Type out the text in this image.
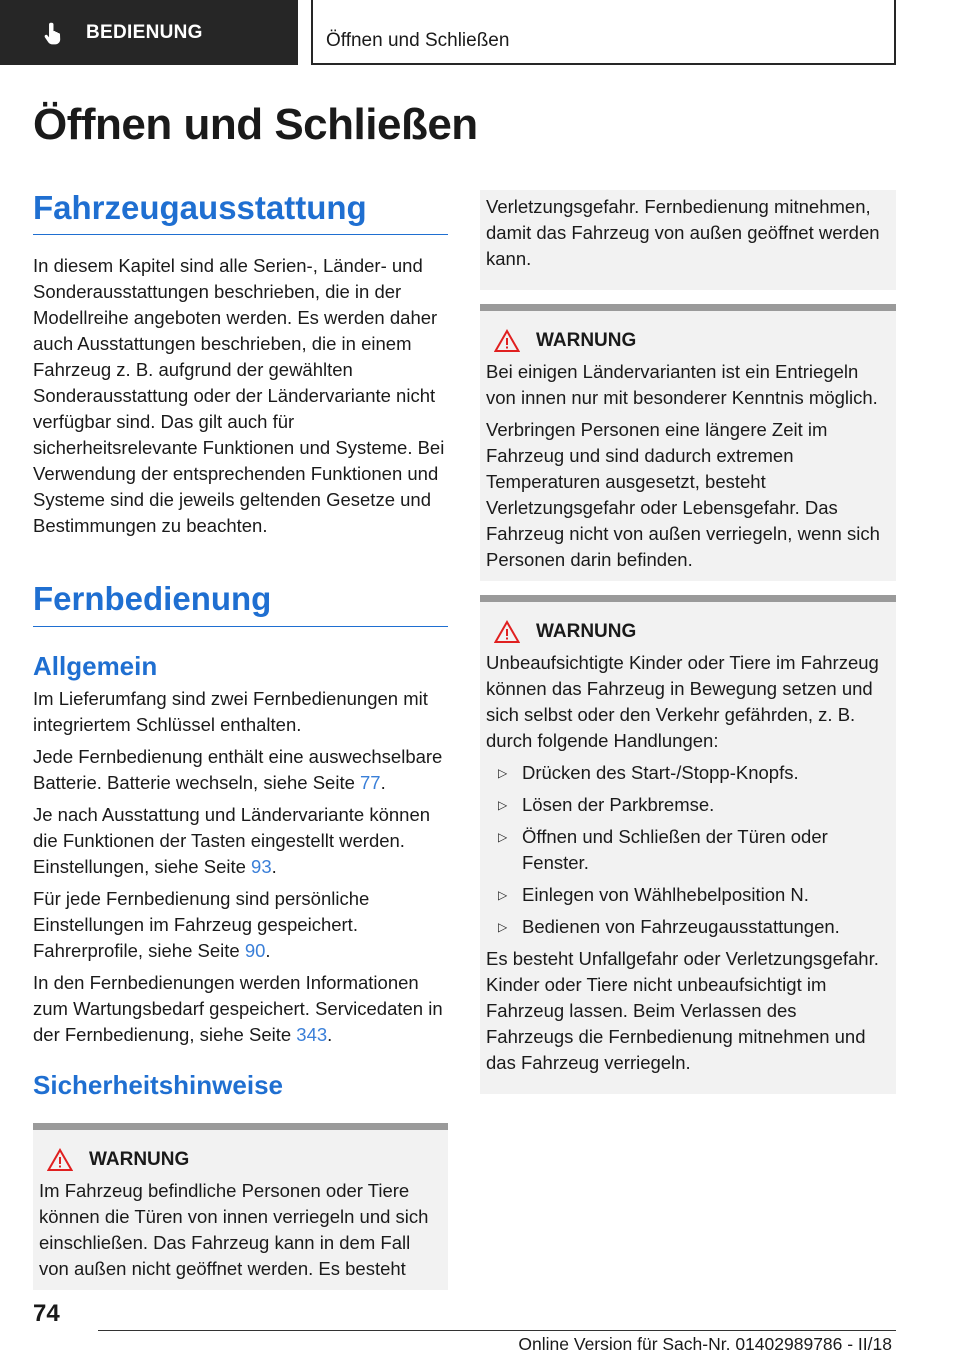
BEDIENUNG	Öffnen und Schließen
Öffnen und Schließen
Fahrzeugausstattung

In diesem Kapitel sind alle Serien-, Länder- und Sonderausstattungen beschrieben, die in der Modellreihe angeboten werden. Es werden daher auch Ausstattungen beschrieben, die in einem Fahrzeug z. B. aufgrund der gewählten Sonderausstattung oder der Ländervariante nicht verfügbar sind. Das gilt auch für sicherheitsrelevante Funktionen und Systeme. Bei Verwendung der entsprechenden Funktionen und Systeme sind die jeweils geltenden Gesetze und Bestimmungen zu beachten.

Fernbedienung
Allgemein

Im Lieferumfang sind zwei Fernbedienungen mit integriertem Schlüssel enthalten.

Jede Fernbedienung enthält eine auswechselbare Batterie. Batterie wechseln, siehe Seite 77.

Je nach Ausstattung und Ländervariante können die Funktionen der Tasten eingestellt werden. Einstellungen, siehe Seite 93.

Für jede Fernbedienung sind persönliche Einstellungen im Fahrzeug gespeichert. Fahrerprofile, siehe Seite 90.

In den Fernbedienungen werden Informationen zum Wartungsbedarf gespeichert. Servicedaten in der Fernbedienung, siehe Seite 343.

Sicherheitshinweise
WARNUNG

Im Fahrzeug befindliche Personen oder Tiere können die Türen von innen verriegeln und sich einschließen. Das Fahrzeug kann in dem Fall von außen nicht geöffnet werden. Es besteht

Verletzungsgefahr. Fernbedienung mitnehmen, damit das Fahrzeug von außen geöffnet werden kann.

WARNUNG

Bei einigen Ländervarianten ist ein Entriegeln von innen nur mit besonderer Kenntnis möglich.

Verbringen Personen eine längere Zeit im Fahrzeug und sind dadurch extremen Temperaturen ausgesetzt, besteht Verletzungsgefahr oder Lebensgefahr. Das Fahrzeug nicht von außen verriegeln, wenn sich Personen darin befinden.

WARNUNG

Unbeaufsichtigte Kinder oder Tiere im Fahrzeug können das Fahrzeug in Bewegung setzen und sich selbst oder den Verkehr gefährden, z. B. durch folgende Handlungen:

▷ Drücken des Start-/Stopp-Knopfs.
▷ Lösen der Parkbremse.
▷ Öffnen und Schließen der Türen oder Fenster.
▷ Einlegen von Wählhebelposition N.
▷ Bedienen von Fahrzeugausstattungen.

Es besteht Unfallgefahr oder Verletzungsgefahr. Kinder oder Tiere nicht unbeaufsichtigt im Fahrzeug lassen. Beim Verlassen des Fahrzeugs die Fernbedienung mitnehmen und das Fahrzeug verriegeln.

74
Online Version für Sach-Nr. 01402989786 - II/18
